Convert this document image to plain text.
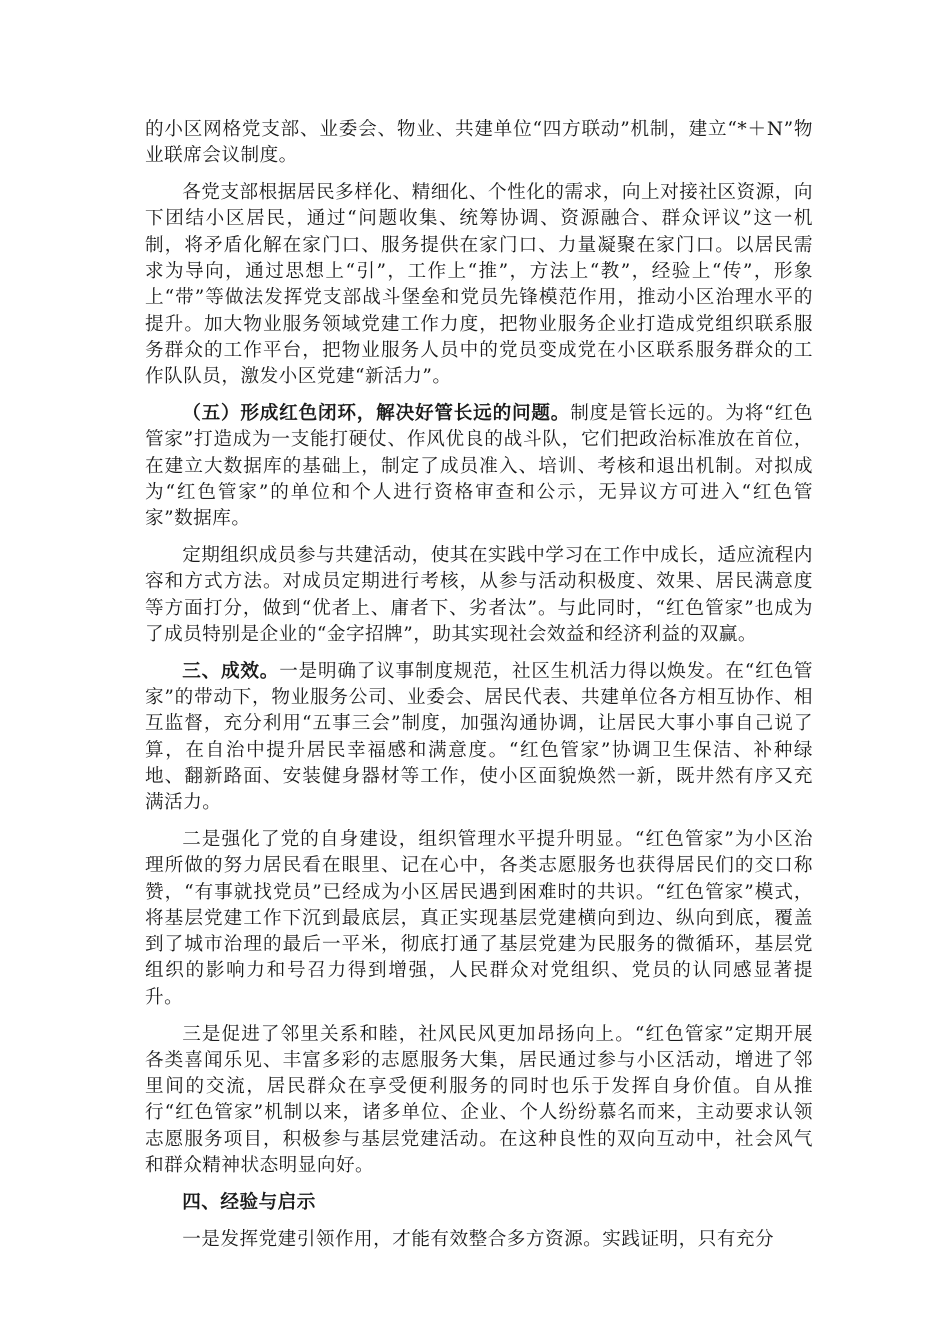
的小区网格党支部、业委会、物业、共建单位“四方联动”机制，建立“*＋N”物业联席会议制度。

各党支部根据居民多样化、精细化、个性化的需求，向上对接社区资源，向下团结小区居民，通过“问题收集、统筹协调、资源融合、群众评议”这一机制，将矛盾化解在家门口、服务提供在家门口、力量凝聚在家门口。以居民需求为导向，通过思想上“引”，工作上“推”，方法上“教”，经验上“传”，形象上“带”等做法发挥党支部战斗堡垒和党员先锋模范作用，推动小区治理水平的提升。加大物业服务领域党建工作力度，把物业服务企业打造成党组织联系服务群众的工作平台，把物业服务人员中的党员变成党在小区联系服务群众的工作队队员，激发小区党建“新活力”。

（五）形成红色闭环，解决好管长远的问题。制度是管长远的。为将“红色管家”打造成为一支能打硬仗、作风优良的战斗队，它们把政治标准放在首位，在建立大数据库的基础上，制定了成员准入、培训、考核和退出机制。对拟成为“红色管家”的单位和个人进行资格审查和公示，无异议方可进入“红色管家”数据库。

定期组织成员参与共建活动，使其在实践中学习在工作中成长，适应流程内容和方式方法。对成员定期进行考核，从参与活动积极度、效果、居民满意度等方面打分，做到“优者上、庸者下、劣者汰”。与此同时，“红色管家”也成为了成员特别是企业的“金字招牌”，助其实现社会效益和经济利益的双赢。

三、成效。一是明确了议事制度规范，社区生机活力得以焕发。在“红色管家”的带动下，物业服务公司、业委会、居民代表、共建单位各方相互协作、相互监督，充分利用“五事三会”制度，加强沟通协调，让居民大事小事自己说了算，在自治中提升居民幸福感和满意度。“红色管家”协调卫生保洁、补种绿地、翻新路面、安装健身器材等工作，使小区面貌焕然一新，既井然有序又充满活力。

二是强化了党的自身建设，组织管理水平提升明显。“红色管家”为小区治理所做的努力居民看在眼里、记在心中，各类志愿服务也获得居民们的交口称赞，“有事就找党员”已经成为小区居民遇到困难时的共识。“红色管家”模式，将基层党建工作下沉到最底层，真正实现基层党建横向到边、纵向到底，覆盖到了城市治理的最后一平米，彻底打通了基层党建为民服务的微循环，基层党组织的影响力和号召力得到增强，人民群众对党组织、党员的认同感显著提升。

三是促进了邻里关系和睦，社风民风更加昂扬向上。“红色管家”定期开展各类喜闻乐见、丰富多彩的志愿服务大集，居民通过参与小区活动，增进了邻里间的交流，居民群众在享受便利服务的同时也乐于发挥自身价值。自从推行“红色管家”机制以来，诸多单位、企业、个人纷纷慕名而来，主动要求认领志愿服务项目，积极参与基层党建活动。在这种良性的双向互动中，社会风气和群众精神状态明显向好。

四、经验与启示

一是发挥党建引领作用，才能有效整合多方资源。实践证明，只有充分
